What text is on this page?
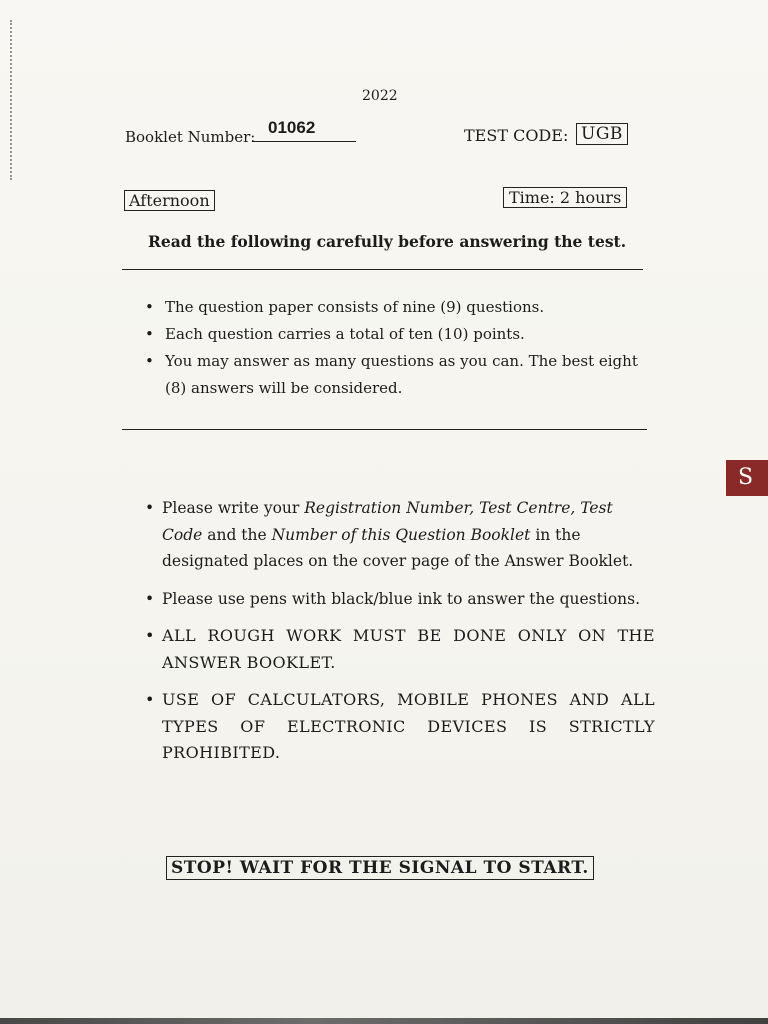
2022
Booklet Number: 01062	TEST CODE: UGB
Afternoon	Time: 2 hours
Read the following carefully before answering the test.
• The question paper consists of nine (9) questions.
• Each question carries a total of ten (10) points.
• You may answer as many questions as you can. The best eight (8) answers will be considered.
S
• Please write your Registration Number, Test Centre, Test Code and the Number of this Question Booklet in the designated places on the cover page of the Answer Booklet.
• Please use pens with black/blue ink to answer the questions.
• ALL ROUGH WORK MUST BE DONE ONLY ON THE ANSWER BOOKLET.
• USE OF CALCULATORS, MOBILE PHONES AND ALL TYPES OF ELECTRONIC DEVICES IS STRICTLY PROHIBITED.
STOP! WAIT FOR THE SIGNAL TO START.
